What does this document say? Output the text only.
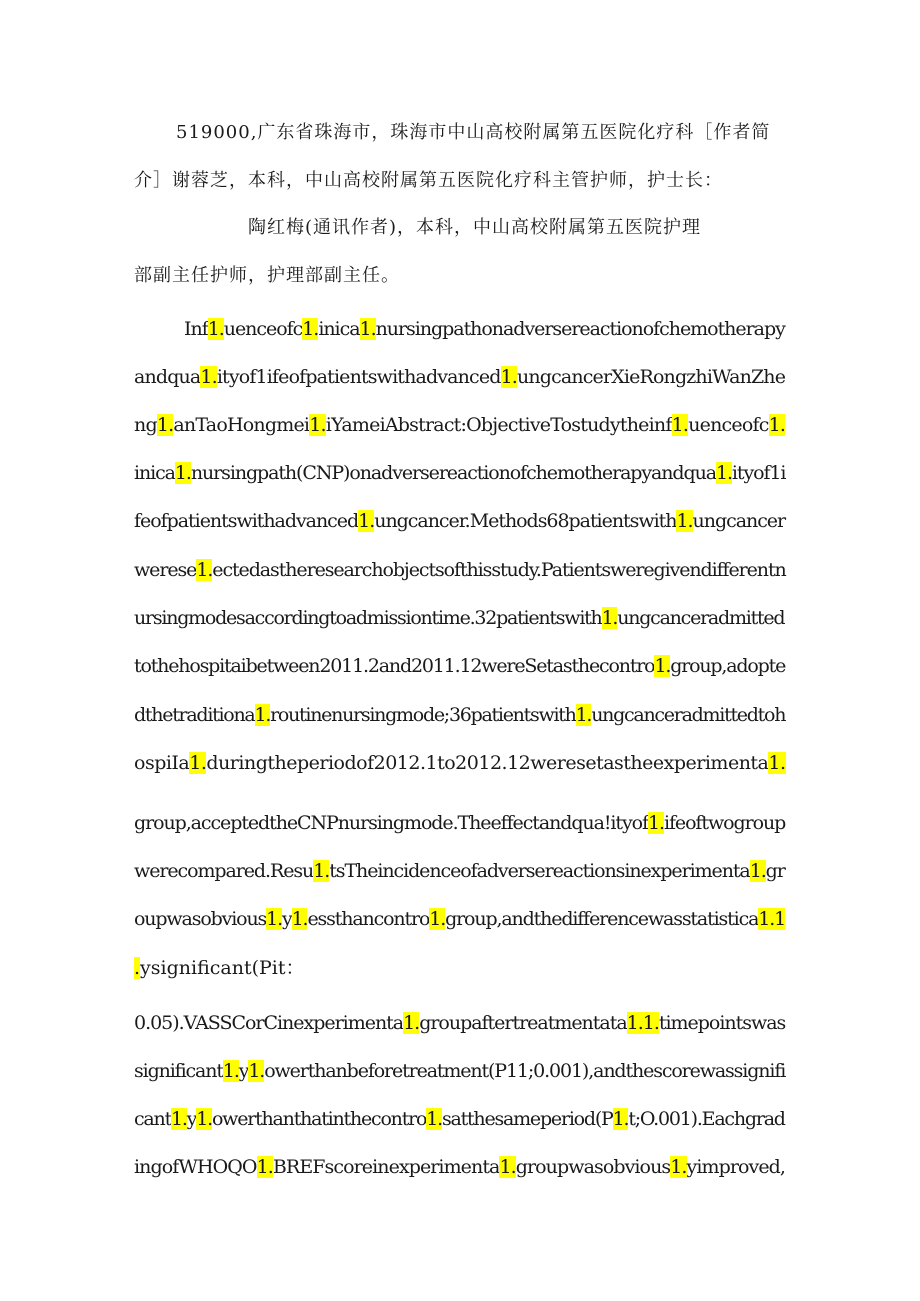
519000,广东省珠海市，珠海市中山高校附属第五医院化疗科［作者简
介］谢蓉芝，本科，中山高校附属第五医院化疗科主管护师，护士长：
陶红梅(通讯作者)，本科，中山高校附属第五医院护理
部副主任护师，护理部副主任。
Inf1.uenceofc1.inica1.nursingpathonadversereactionofchemotherapy
andqua1.ityof1ifeofpatientswithadvanced1.ungcancerXieRongzhiWanZhe
ng1.anTaoHongmei1.iYameiAbstract:ObjectiveTostudytheinf1.uenceofc1.
inica1.nursingpath(CNP)onadversereactionofchemotherapyandqua1.ityof1i
feofpatientswithadvanced1.ungcancer.Methods68patientswith1.ungcancer
werese1.ectedastheresearchobjectsofthisstudy.Patientsweregivendifferentn
ursingmodesaccordingtoadmissiontime.32patientswith1.ungcanceradmitted
tothehospitaibetween2011.2and2011.12wereSetasthecontro1.group,adopte
dthetraditiona1.routinenursingmode;36patientswith1.ungcanceradmittedtoh
ospiIa1.duringtheperiodof2012.1to2012.12weresetastheexperimenta1.
group,acceptedtheCNPnursingmode.Theeffectandqua!ityof1.ifeoftwogroup
werecompared.Resu1.tsTheincidenceofadversereactionsinexperimenta1.gr
oupwasobvious1.y1.essthancontro1.group,andthedifferencewasstatistica1.1
.ysignificant(Pit：
0.05).VASSCorCinexperimenta1.groupaftertreatmentata1.1.timepointswas
significant1.y1.owerthanbeforetreatment(P11;0.001),andthescorewassignifi
cant1.y1.owerthanthatinthecontro1.satthesameperiod(P1.t;O.001).Eachgrad
ingofWHOQO1.BREFscoreinexperimenta1.groupwasobvious1.yimproved,
